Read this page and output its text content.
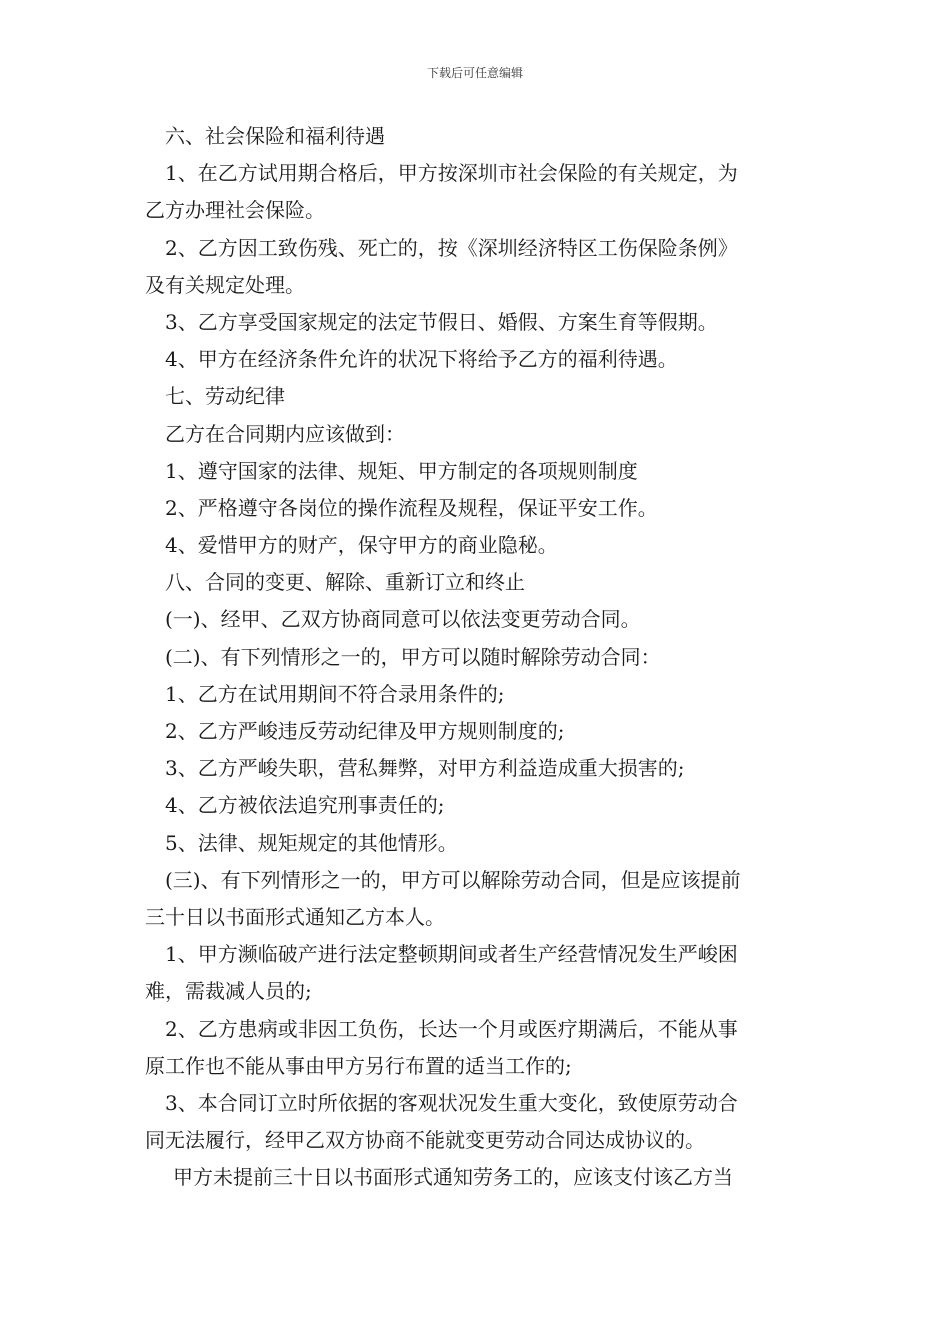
下载后可任意编辑
六、社会保险和福利待遇
1、在乙方试用期合格后，甲方按深圳市社会保险的有关规定，为
乙方办理社会保险。
2、乙方因工致伤残、死亡的，按《深圳经济特区工伤保险条例》
及有关规定处理。
3、乙方享受国家规定的法定节假日、婚假、方案生育等假期。
4、甲方在经济条件允许的状况下将给予乙方的福利待遇。
七、劳动纪律
乙方在合同期内应该做到：
1、遵守国家的法律、规矩、甲方制定的各项规则制度
2、严格遵守各岗位的操作流程及规程，保证平安工作。
4、爱惜甲方的财产，保守甲方的商业隐秘。
八、合同的变更、解除、重新订立和终止
(一)、经甲、乙双方协商同意可以依法变更劳动合同。
(二)、有下列情形之一的，甲方可以随时解除劳动合同：
1、乙方在试用期间不符合录用条件的;
2、乙方严峻违反劳动纪律及甲方规则制度的;
3、乙方严峻失职，营私舞弊，对甲方利益造成重大损害的;
4、乙方被依法追究刑事责任的;
5、法律、规矩规定的其他情形。
(三)、有下列情形之一的，甲方可以解除劳动合同，但是应该提前
三十日以书面形式通知乙方本人。
1、甲方濒临破产进行法定整顿期间或者生产经营情况发生严峻困
难，需裁减人员的;
2、乙方患病或非因工负伤，长达一个月或医疗期满后，不能从事
原工作也不能从事由甲方另行布置的适当工作的;
3、本合同订立时所依据的客观状况发生重大变化，致使原劳动合
同无法履行，经甲乙双方协商不能就变更劳动合同达成协议的。
甲方未提前三十日以书面形式通知劳务工的，应该支付该乙方当
